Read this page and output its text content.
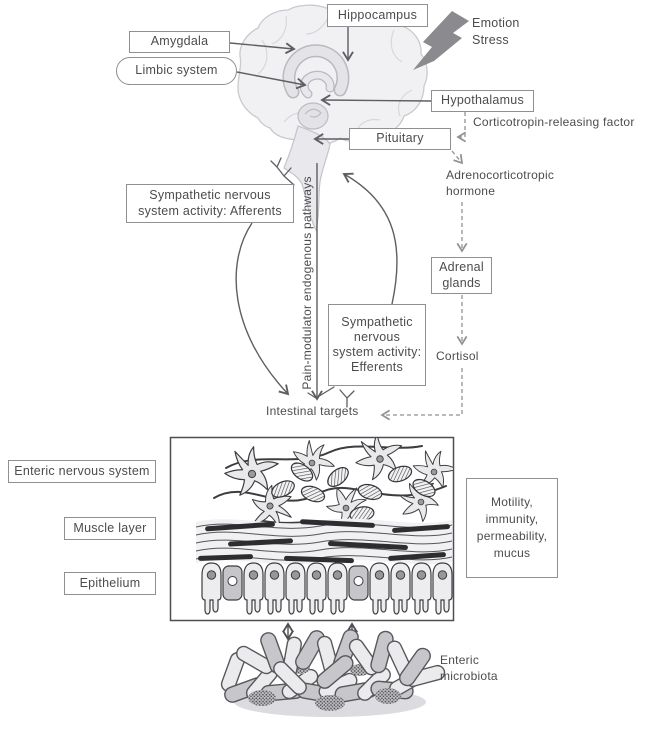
Hippocampus
Amygdala
Limbic system
Hypothalamus
Pituitary
Sympathetic nervous system activity: Afferents
Sympathetic nervous system activity: Efferents
Adrenal glands
Enteric nervous system
Muscle layer
Epithelium
Motility, immunity, permeability, mucus
Emotion Stress
Corticotropin-releasing factor
Adrenocorticotropic hormone
Cortisol
Pain-modulator endogenous pathways
Intestinal targets
Enteric microbiota
